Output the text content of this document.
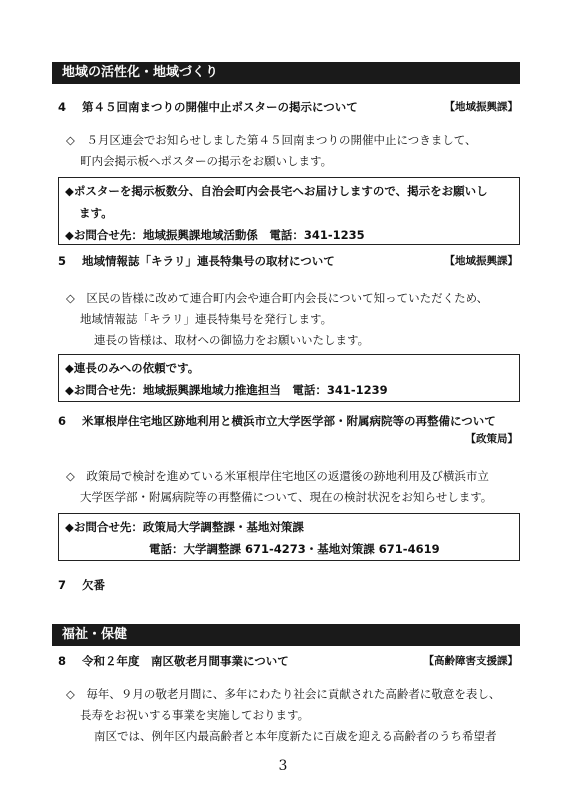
地域の活性化・地域づくり
4 第４５回南まつりの開催中止ポスターの掲示について	【地域振興課】
◇　５月区連会でお知らせしました第４５回南まつりの開催中止につきまして、
町内会掲示板へポスターの掲示をお願いします。
◆ポスターを掲示板数分、自治会町内会長宅へお届けしますので、掲示をお願いし
ます。
◆お問合せ先：地域振興課地域活動係　電話：341-1235
5 地域情報誌「キラリ」連長特集号の取材について	【地域振興課】
◇　区民の皆様に改めて連合町内会や連合町内会長について知っていただくため、
地域情報誌「キラリ」連長特集号を発行します。
連長の皆様は、取材への御協力をお願いいたします。
◆連長のみへの依頼です。
◆お問合せ先：地域振興課地域力推進担当　電話：341-1239
6 米軍根岸住宅地区跡地利用と横浜市立大学医学部・附属病院等の再整備について
【政策局】
◇　政策局で検討を進めている米軍根岸住宅地区の返還後の跡地利用及び横浜市立
大学医学部・附属病院等の再整備について、現在の検討状況をお知らせします。
◆お問合せ先：政策局大学調整課・基地対策課
電話：大学調整課 671-4273・基地対策課 671-4619
7 欠番
福祉・保健
8 令和２年度　南区敬老月間事業について	【高齢障害支援課】
◇　毎年、９月の敬老月間に、多年にわたり社会に貢献された高齢者に敬意を表し、
長寿をお祝いする事業を実施しております。
南区では、例年区内最高齢者と本年度新たに百歳を迎える高齢者のうち希望者
3
